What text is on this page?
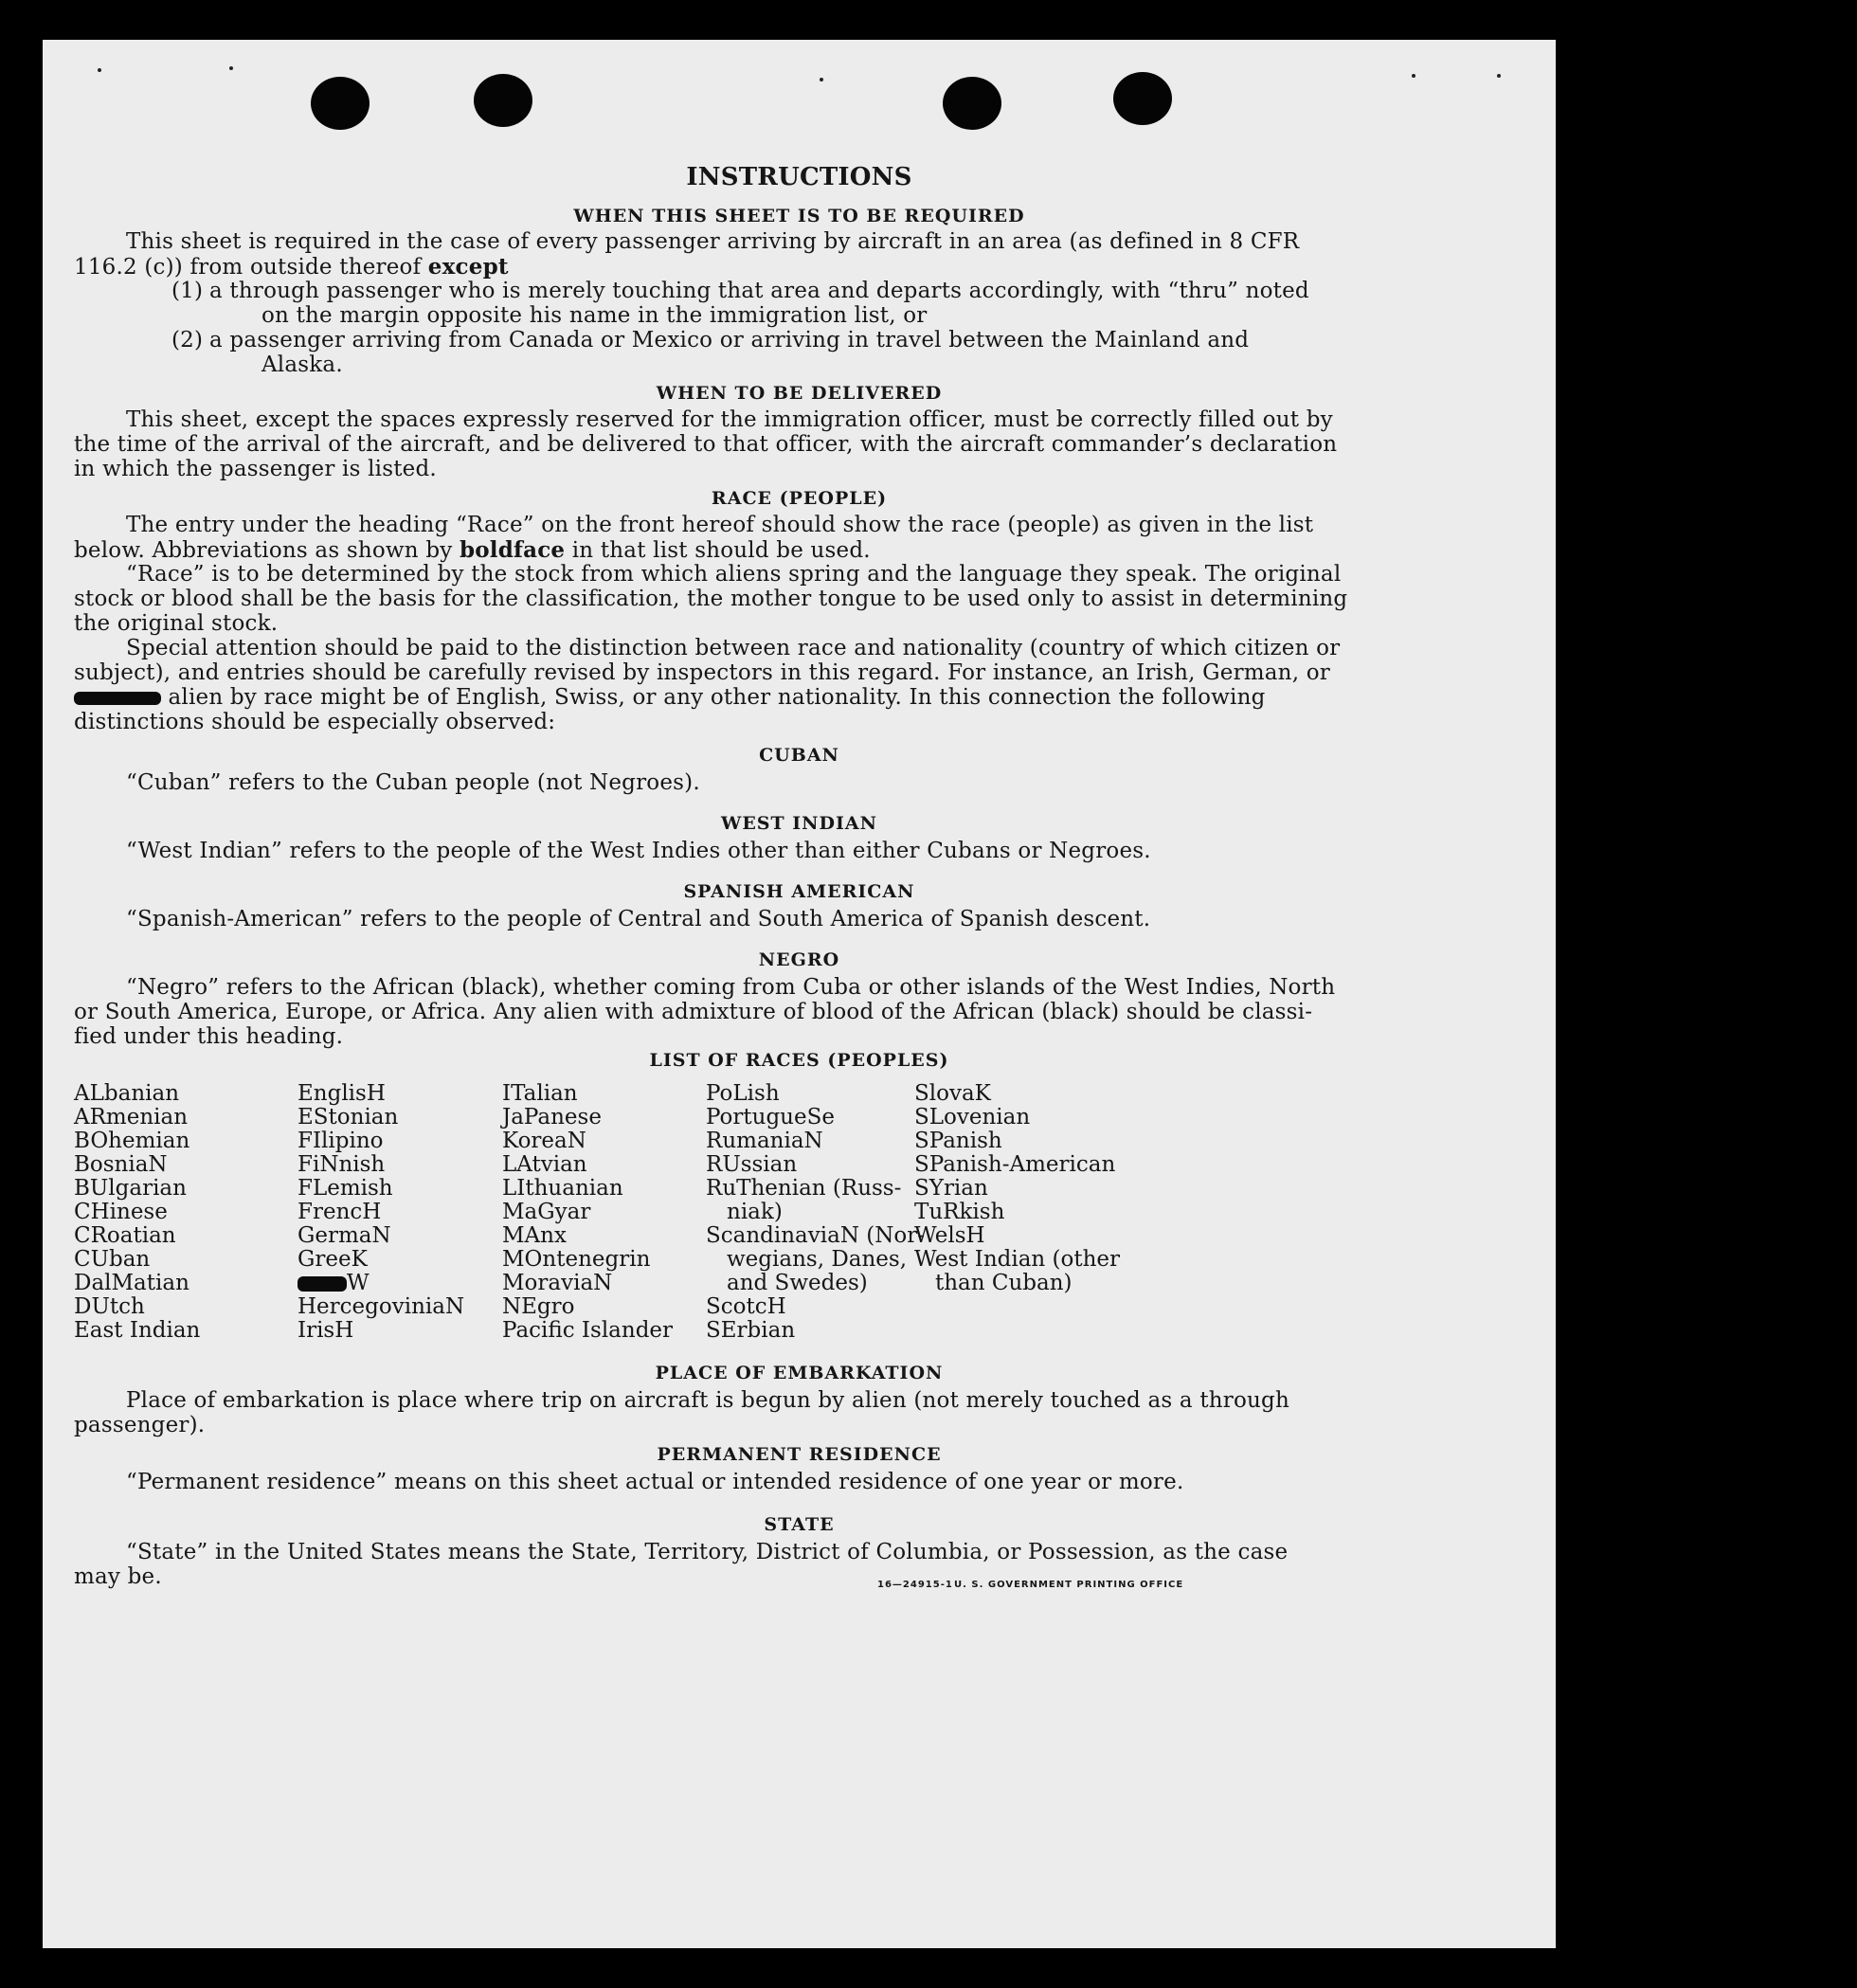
INSTRUCTIONS
WHEN THIS SHEET IS TO BE REQUIRED
This sheet is required in the case of every passenger arriving by aircraft in an area (as defined in 8 CFR
116.2 (c)) from outside thereof except
(1) a through passenger who is merely touching that area and departs accordingly, with “thru” noted
on the margin opposite his name in the immigration list, or
(2) a passenger arriving from Canada or Mexico or arriving in travel between the Mainland and
Alaska.
WHEN TO BE DELIVERED
This sheet, except the spaces expressly reserved for the immigration officer, must be correctly filled out by
the time of the arrival of the aircraft, and be delivered to that officer, with the aircraft commander’s declaration
in which the passenger is listed.
RACE (PEOPLE)
The entry under the heading “Race” on the front hereof should show the race (people) as given in the list
below. Abbreviations as shown by boldface in that list should be used.
“Race” is to be determined by the stock from which aliens spring and the language they speak. The original
stock or blood shall be the basis for the classification, the mother tongue to be used only to assist in determining
the original stock.
Special attention should be paid to the distinction between race and nationality (country of which citizen or
subject), and entries should be carefully revised by inspectors in this regard. For instance, an Irish, German, or
alien by race might be of English, Swiss, or any other nationality. In this connection the following
distinctions should be especially observed:
CUBAN
“Cuban” refers to the Cuban people (not Negroes).
WEST INDIAN
“West Indian” refers to the people of the West Indies other than either Cubans or Negroes.
SPANISH AMERICAN
“Spanish-American” refers to the people of Central and South America of Spanish descent.
NEGRO
“Negro” refers to the African (black), whether coming from Cuba or other islands of the West Indies, North
or South America, Europe, or Africa. Any alien with admixture of blood of the African (black) should be classi-
fied under this heading.
LIST OF RACES (PEOPLES)
ALbanian
ARmenian
BOhemian
BosniaN
BUlgarian
CHinese
CRoatian
CUban
DalMatian
DUtch
East Indian
EnglisH
EStonian
FIlipino
FiNnish
FLemish
FrencH
GermaN
GreeK
W
HercegoviniaN
IrisH
ITalian
JaPanese
KoreaN
LAtvian
LIthuanian
MaGyar
MAnx
MOntenegrin
MoraviaN
NEgro
Pacific Islander
PoLish
PortugueSe
RumaniaN
RUssian
RuThenian (Russ-
niak)
ScandinaviaN (Nor-
wegians, Danes,
and Swedes)
ScotcH
SErbian
SlovaK
SLovenian
SPanish
SPanish-American
SYrian
TuRkish
WelsH
West Indian (other
than Cuban)
PLACE OF EMBARKATION
Place of embarkation is place where trip on aircraft is begun by alien (not merely touched as a through
passenger).
PERMANENT RESIDENCE
“Permanent residence” means on this sheet actual or intended residence of one year or more.
STATE
“State” in the United States means the State, Territory, District of Columbia, or Possession, as the case
may be.	16—24915-1 U. S. GOVERNMENT PRINTING OFFICE
